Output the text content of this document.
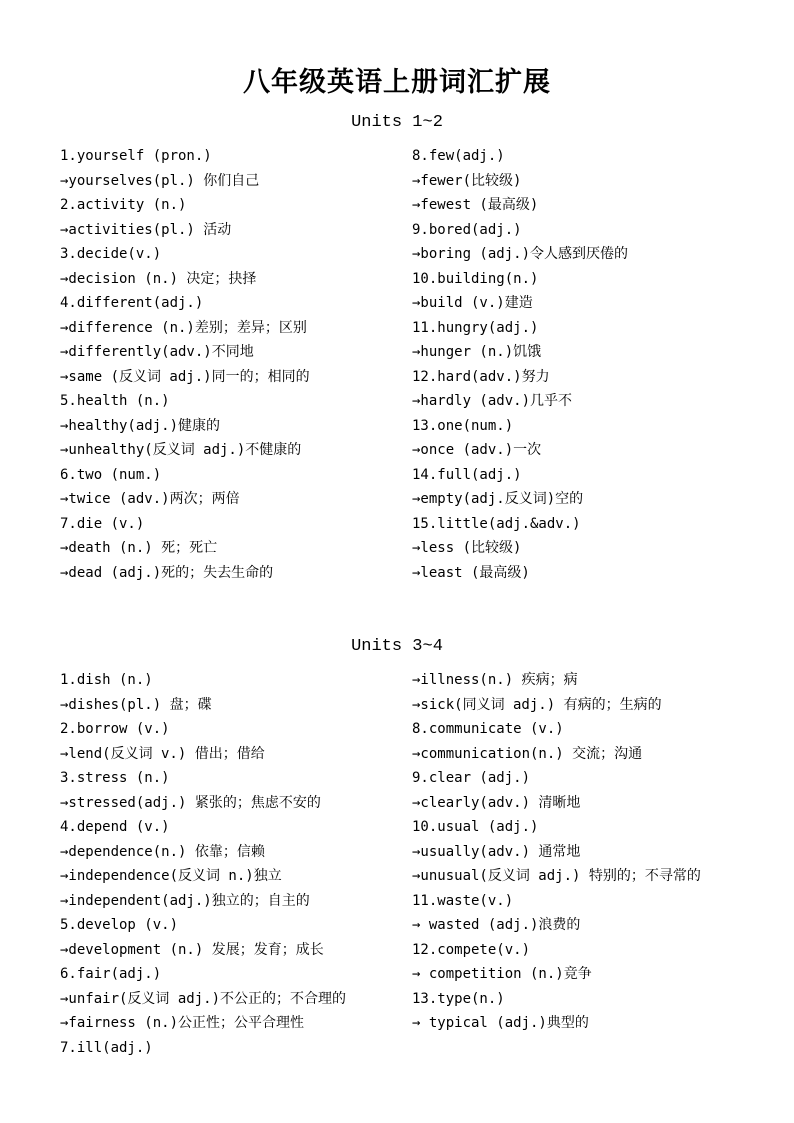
八年级英语上册词汇扩展
Units 1~2
1.yourself (pron.)
→yourselves(pl.) 你们自己
2.activity (n.)
→activities(pl.) 活动
3.decide(v.)
→decision (n.) 决定；抉择
4.different(adj.)
→difference (n.)差别；差异；区别
→differently(adv.)不同地
→same (反义词 adj.)同一的；相同的
5.health (n.)
→healthy(adj.)健康的
→unhealthy(反义词 adj.)不健康的
6.two (num.)
→twice (adv.)两次；两倍
7.die (v.)
→death (n.) 死；死亡
→dead (adj.)死的；失去生命的
8.few(adj.)
→fewer(比较级)
→fewest (最高级)
9.bored(adj.)
→boring (adj.)令人感到厌倦的
10.building(n.)
→build (v.)建造
11.hungry(adj.)
→hunger (n.)饥饿
12.hard(adv.)努力
→hardly (adv.)几乎不
13.one(num.)
→once (adv.)一次
14.full(adj.)
→empty(adj.反义词)空的
15.little(adj.&adv.)
→less (比较级)
→least (最高级)
Units 3~4
1.dish (n.)
→dishes(pl.) 盘；碟
2.borrow (v.)
→lend(反义词 v.) 借出；借给
3.stress (n.)
→stressed(adj.) 紧张的；焦虑不安的
4.depend (v.)
→dependence(n.) 依靠；信赖
→independence(反义词 n.)独立
→independent(adj.)独立的；自主的
5.develop (v.)
→development (n.) 发展；发育；成长
6.fair(adj.)
→unfair(反义词 adj.)不公正的；不合理的
→fairness (n.)公正性；公平合理性
7.ill(adj.)
→illness(n.) 疾病；病
→sick(同义词 adj.) 有病的；生病的
8.communicate (v.)
→communication(n.) 交流；沟通
9.clear (adj.)
→clearly(adv.) 清晰地
10.usual (adj.)
→usually(adv.) 通常地
→unusual(反义词 adj.) 特别的；不寻常的
11.waste(v.)
→ wasted (adj.)浪费的
12.compete(v.)
→ competition (n.)竞争
13.type(n.)
→ typical (adj.)典型的
